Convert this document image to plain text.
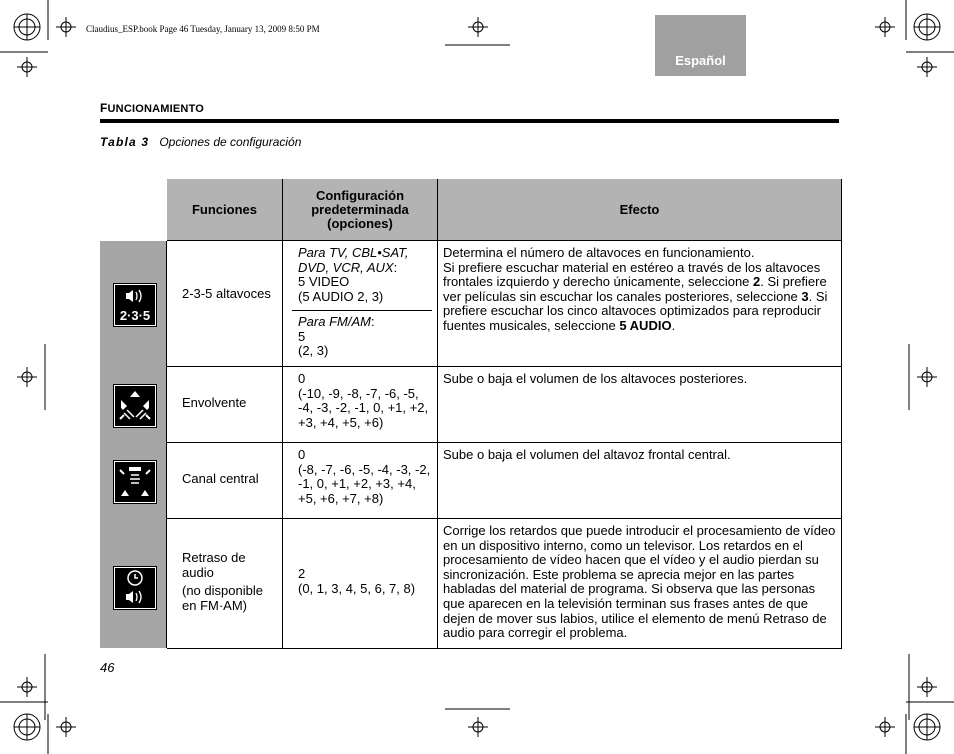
Claudius_ESP.book Page 46 Tuesday, January 13, 2009 8:50 PM
Español
FUNCIONAMIENTO
Tabla 3 Opciones de configuración
Funciones
Configuración
predeterminada
(opciones)
Efecto
2·3·5
2-3-5 altavoces
Para TV, CBL•SAT, DVD, VCR, AUX:
5 VIDEO
(5 AUDIO 2, 3)
Para FM/AM:
5
(2, 3)
Determina el número de altavoces en funcionamiento.
Si prefiere escuchar material en estéreo a través de los altavoces frontales izquierdo y derecho únicamente, seleccione 2. Si prefiere ver películas sin escuchar los canales posteriores, seleccione 3. Si prefiere escuchar los cinco altavoces optimizados para reproducir fuentes musicales, seleccione 5 AUDIO.
Envolvente
0
(-10, -9, -8, -7, -6, -5, -4, -3, -2, -1, 0, +1, +2, +3, +4, +5, +6)
Sube o baja el volumen de los altavoces posteriores.
Canal central
0
(-8, -7, -6, -5, -4, -3, -2, -1, 0, +1, +2, +3, +4, +5, +6, +7, +8)
Sube o baja el volumen del altavoz frontal central.
Retraso de audio
(no disponible en FM·AM)
2
(0, 1, 3, 4, 5, 6, 7, 8)
Corrige los retardos que puede introducir el procesamiento de vídeo en un dispositivo interno, como un televisor. Los retardos en el procesamiento de vídeo hacen que el vídeo y el audio pierdan su sincronización. Este problema se aprecia mejor en las partes habladas del material de programa. Si observa que las personas que aparecen en la televisión terminan sus frases antes de que dejen de mover sus labios, utilice el elemento de menú Retraso de audio para corregir el problema.
46
